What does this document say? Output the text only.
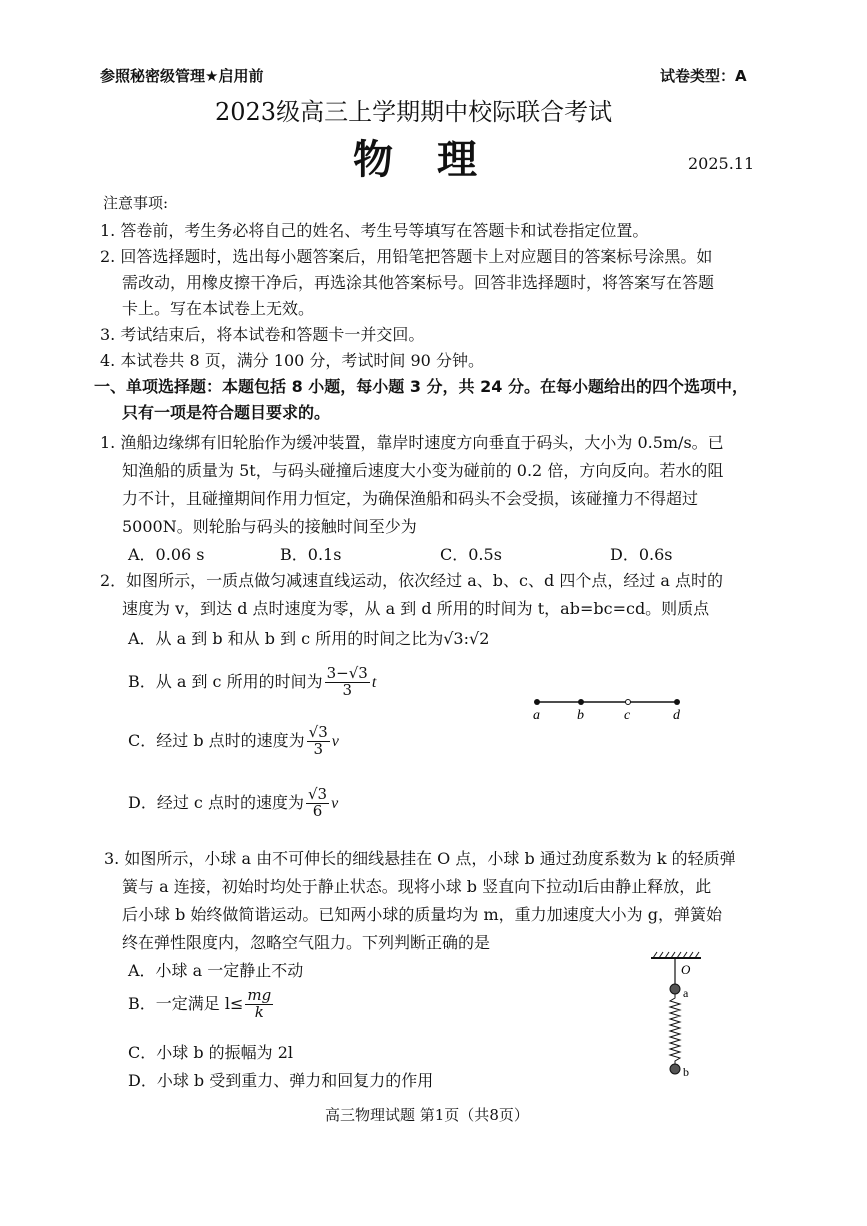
参照秘密级管理★启用前	试卷类型：A
2023级高三上学期期中校际联合考试
物　理	2025.11
注意事项:
1. 答卷前，考生务必将自己的姓名、考生号等填写在答题卡和试卷指定位置。
2. 回答选择题时，选出每小题答案后，用铅笔把答题卡上对应题目的答案标号涂黑。如
需改动，用橡皮擦干净后，再选涂其他答案标号。回答非选择题时，将答案写在答题
卡上。写在本试卷上无效。
3. 考试结束后，将本试卷和答题卡一并交回。
4. 本试卷共 8 页，满分 100 分，考试时间 90 分钟。
一、单项选择题：本题包括 8 小题，每小题 3 分，共 24 分。在每小题给出的四个选项中，
只有一项是符合题目要求的。
1. 渔船边缘绑有旧轮胎作为缓冲装置，靠岸时速度方向垂直于码头，大小为 0.5m/s。已
知渔船的质量为 5t，与码头碰撞后速度大小变为碰前的 0.2 倍，方向反向。若水的阻
力不计，且碰撞期间作用力恒定，为确保渔船和码头不会受损，该碰撞力不得超过
5000N。则轮胎与码头的接触时间至少为
A．0.06 s	B．0.1s	C．0.5s	D．0.6s
2．如图所示，一质点做匀减速直线运动，依次经过 a、b、c、d 四个点，经过 a 点时的
速度为 v，到达 d 点时速度为零，从 a 到 d 所用的时间为 t，ab=bc=cd。则质点
A．从 a 到 b 和从 b 到 c 所用的时间之比为√3:√2
B．从 a 到 c 所用的时间为 $\frac{3-√3}{3}$ t
C．经过 b 点时的速度为 $\frac{√3}{3}$ v
D．经过 c 点时的速度为 $\frac{√3}{6}$ v
a	b	c	d
3. 如图所示，小球 a 由不可伸长的细线悬挂在 O 点，小球 b 通过劲度系数为 k 的轻质弹
簧与 a 连接，初始时均处于静止状态。现将小球 b 竖直向下拉动l后由静止释放，此
后小球 b 始终做简谐运动。已知两小球的质量均为 m，重力加速度大小为 g，弹簧始
终在弹性限度内，忽略空气阻力。下列判断正确的是
A．小球 a 一定静止不动
B．一定满足 $l\le \frac{mg}{k}$
C．小球 b 的振幅为 2l
D．小球 b 受到重力、弹力和回复力的作用
O
a
b
高三物理试题 第1页（共8页）
